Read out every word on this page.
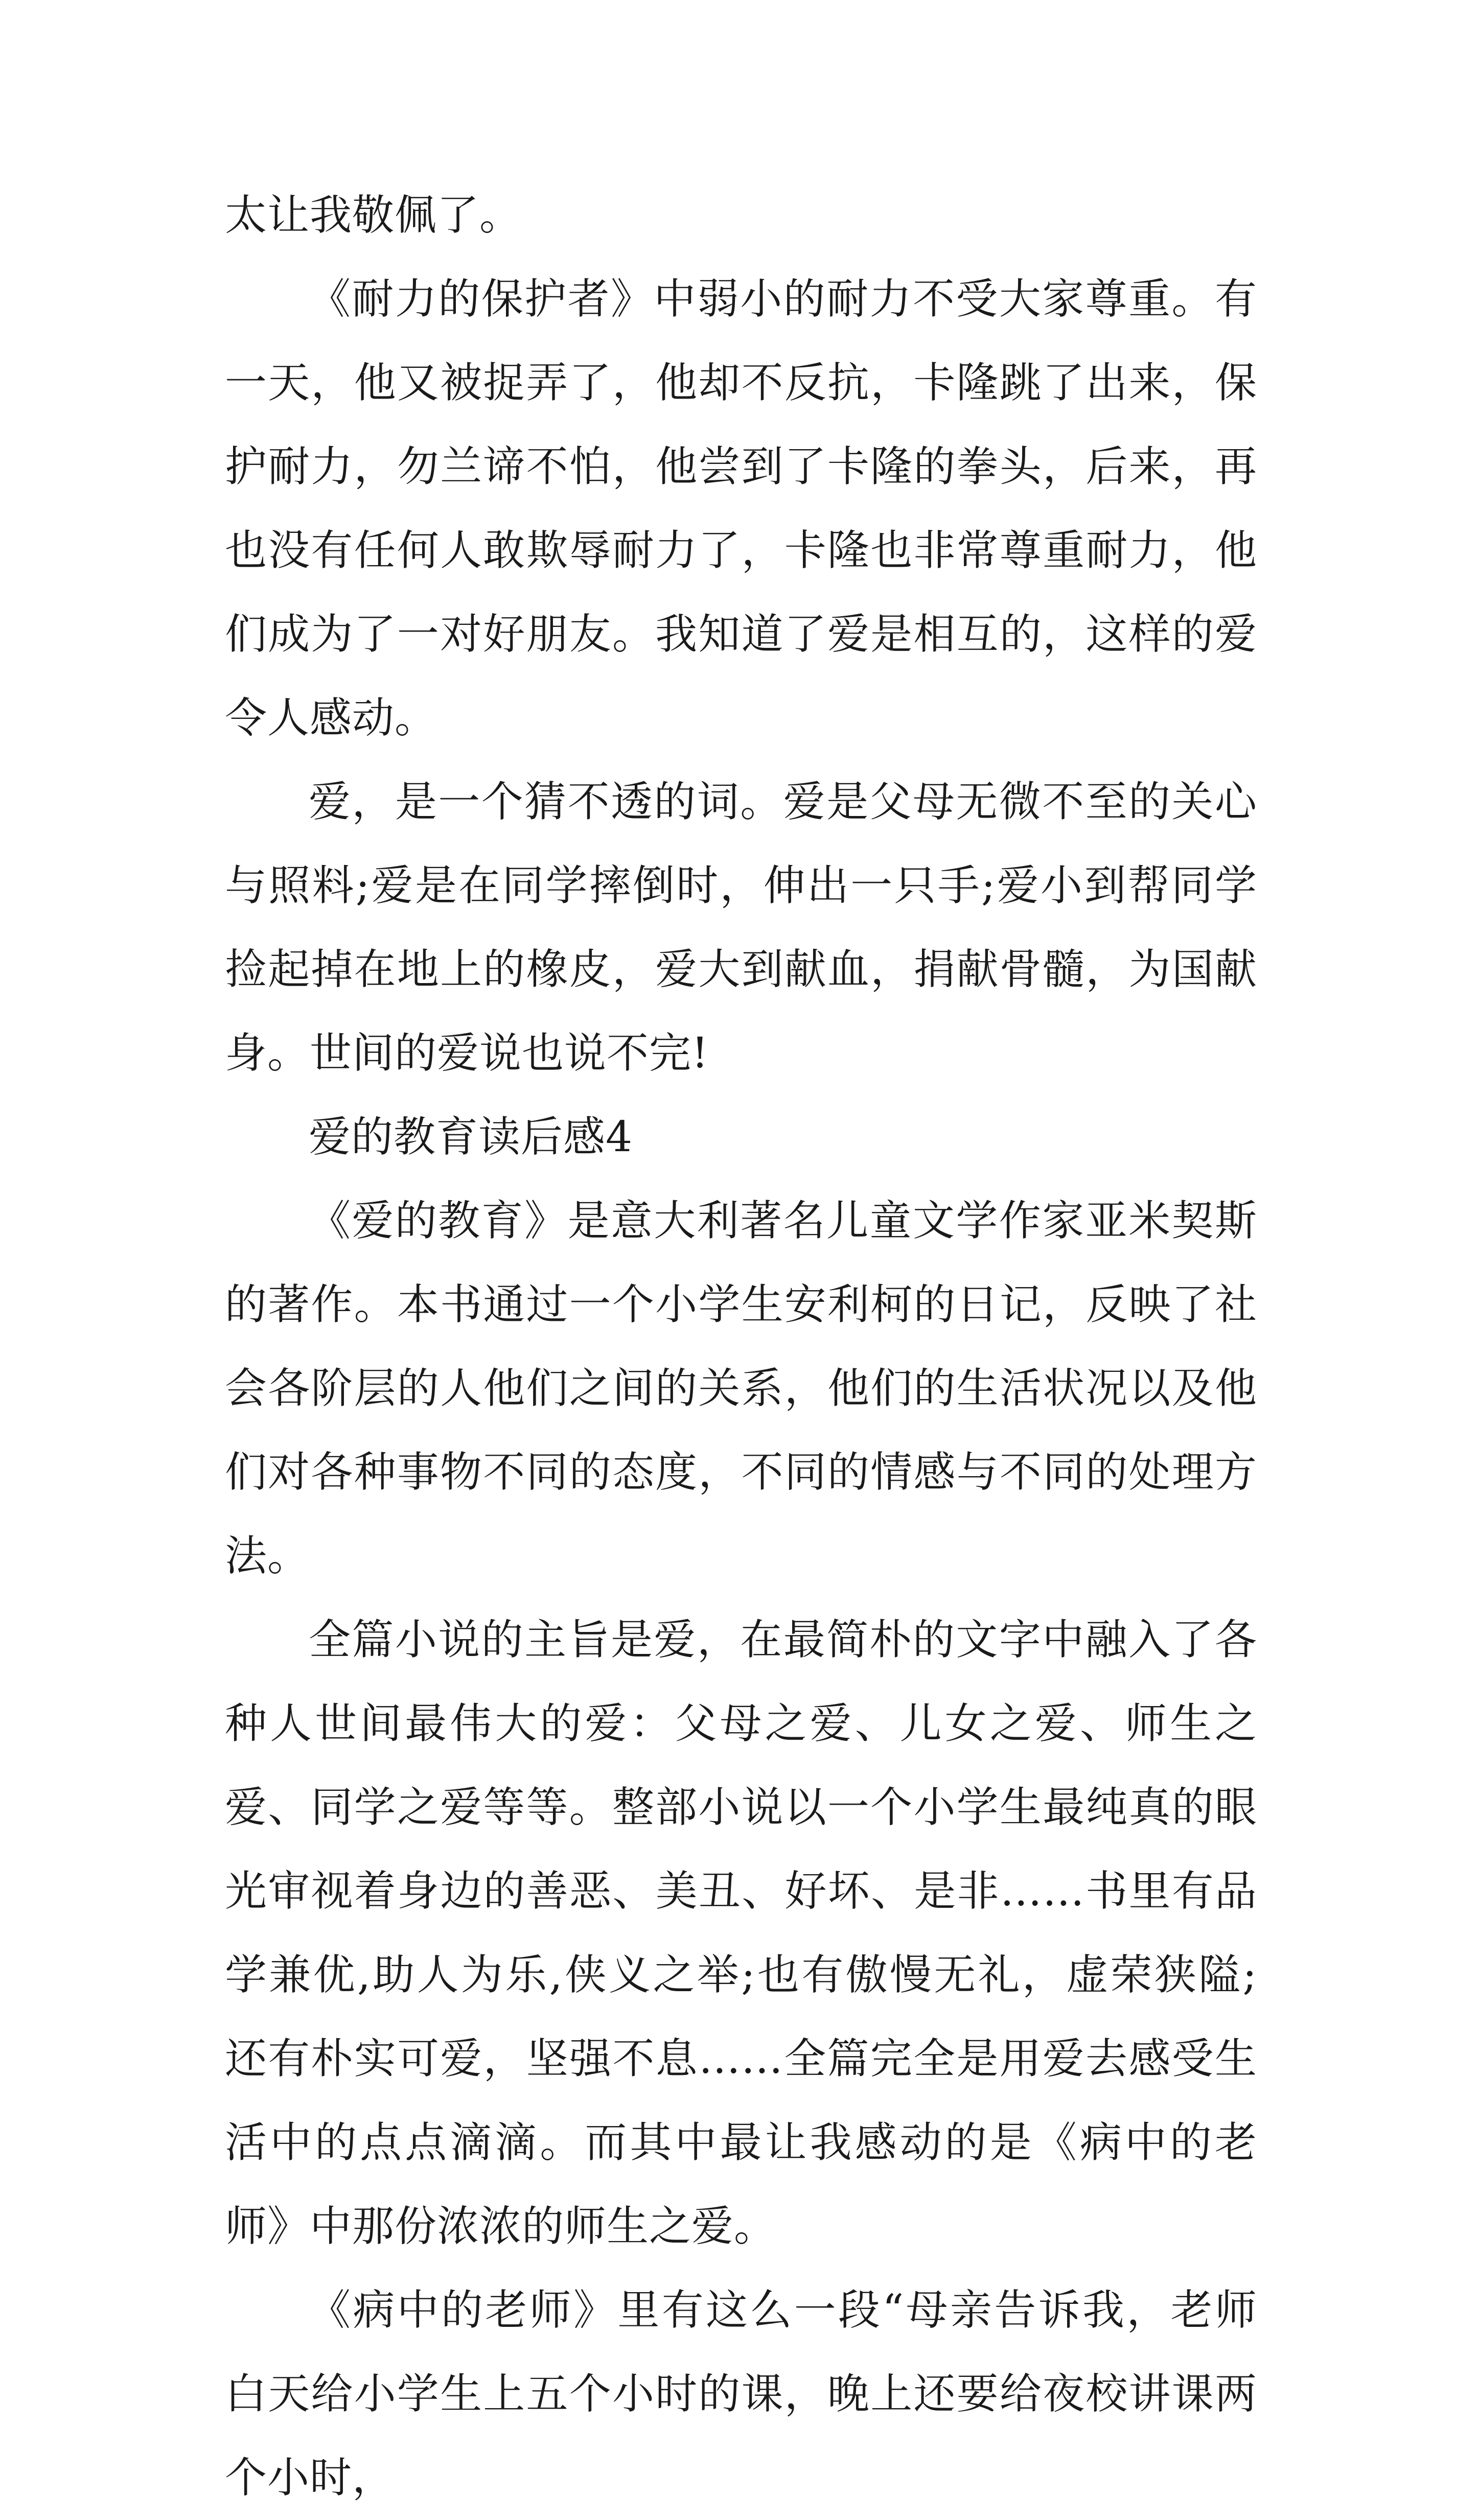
太让我敬佩了。

《耐力的保护者》中弱小的耐力不受大家尊重。有一天，他又被捉弄了，他却不反抗，卡隆跳了出来，保护耐力，勿兰谛不怕，他尝到了卡隆的拳头，后来，再也没有任何人敢欺辱耐力了，卡隆也非常尊重耐力，他们成为了一对好朋友。我知道了爱是相互的，这样的爱令人感动。

爱，是一个猜不透的词。爱是父母无微不至的关心与照料;爱是在同学摔倒时，伸出一只手;爱小到帮同学捡起掉在地上的橡皮，爱大到献血，捐献骨髓，为国献身。世间的爱说也说不完!

爱的教育读后感4

《爱的教育》是意大利著名儿童文学作家亚米契斯的著作。本书通过一个小学生安利柯的日记，反映了社会各阶层的人他们之间的关系，他们的生活状况以及他们对各种事物不同的态度，不同的情感与不同的处理方法。

全篇小说的主旨是爱，在最简朴的文字中融入了各种人世间最伟大的爱：父母之爱、儿女之爱、师生之爱、同学之爱等等。整部小说以一个小学生最纯真的眼光审视着身边的善恶、美丑、好坏、是非……书里有品学兼优,助人为乐,侠义之举;也有傲慢无礼，虚荣狭隘;还有朴实可爱，坚强不息……全篇完全是用爱去感受生活中的点点滴滴。而其中最让我感动的是《病中的老师》中那份浓浓的师生之爱。

《病中的老师》里有这么一段“母亲告诉我，老师白天给小学生上五个小时的课，晚上还要给夜校讲课两个小时，
